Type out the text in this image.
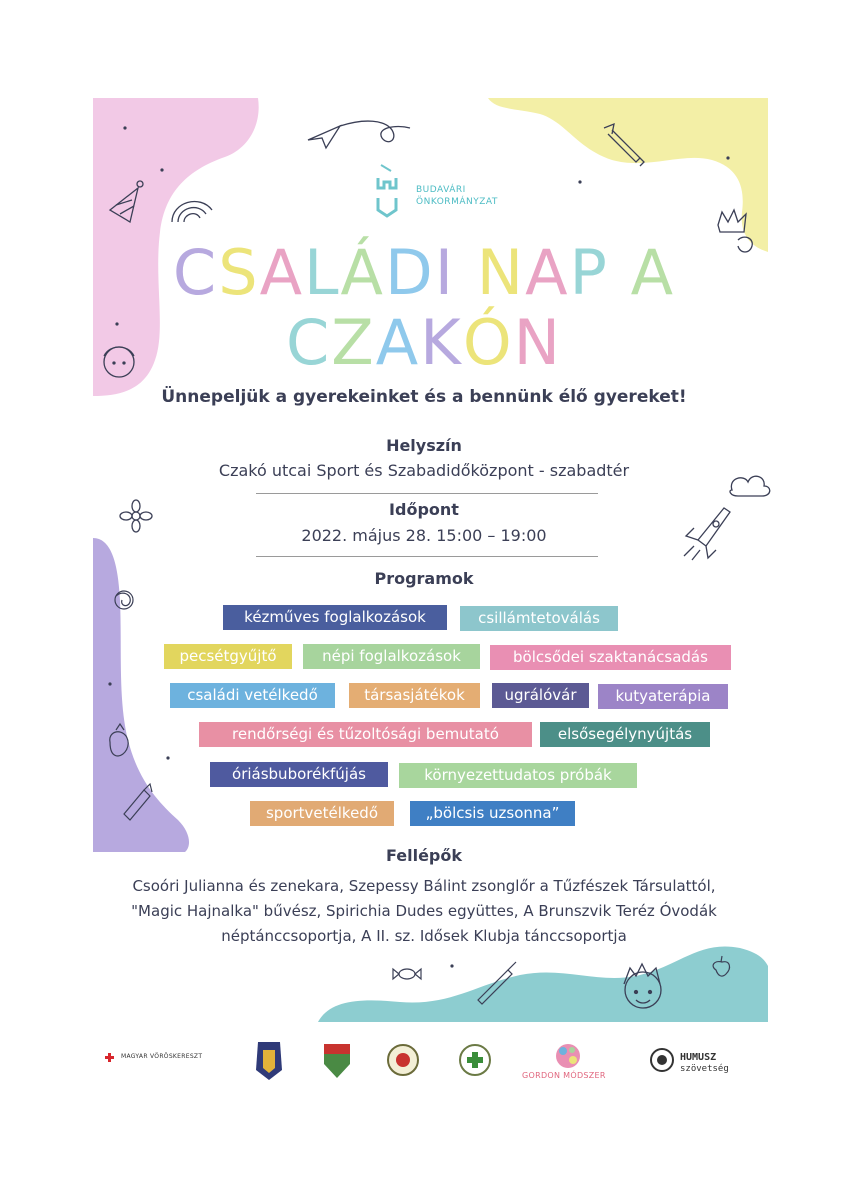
BUDAVÁRI
ÖNKORMÁNYZAT
CSALÁDI NAP A
CZAKÓN
Ünnepeljük a gyerekeinket és a bennünk élő gyereket!
Helyszín
Czakó utcai Sport és Szabadidőközpont - szabadtér
Időpont
2022. május 28. 15:00 – 19:00
Programok
kézműves foglalkozások	csillámtetoválás
pecsétgyűjtő	népi foglalkozások	bölcsődei szaktanácsadás
családi vetélkedő	társasjátékok	ugrálóvár	kutyaterápia
rendőrségi és tűzoltósági bemutató	elsősegélynyújtás
óriásbuborékfújás	környezettudatos próbák
sportvetélkedő	„bölcsis uzsonna”
Fellépők
Csoóri Julianna és zenekara, Szepessy Bálint zsonglőr a Tűzfészek Társulattól,
"Magic Hajnalka" bűvész, Spirichia Dudes együttes, A Brunszvik Teréz Óvodák
néptánccsoportja, A II. sz. Idősek Klubja tánccsoportja
MAGYAR VÖRÖSKERESZT
GORDON MÓDSZER
HUMUSZ
szövetség
